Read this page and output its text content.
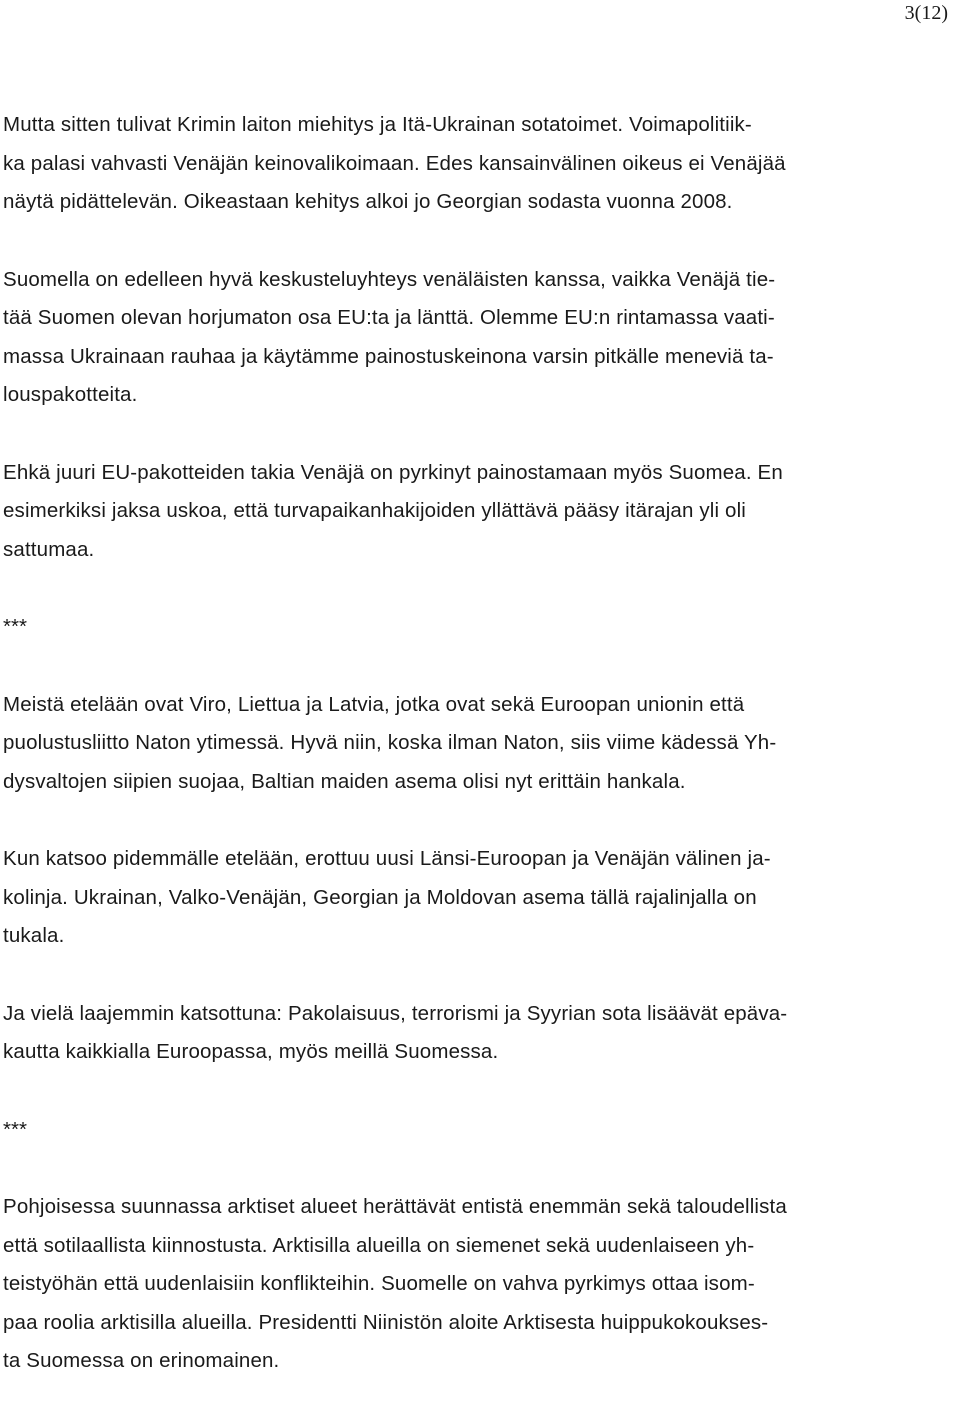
3(12)

Mutta sitten tulivat Krimin laiton miehitys ja Itä-Ukrainan sotatoimet. Voimapolitiik-
ka palasi vahvasti Venäjän keinovalikoimaan. Edes kansainvälinen oikeus ei Venäjää
näytä pidättelevän. Oikeastaan kehitys alkoi jo Georgian sodasta vuonna 2008.

Suomella on edelleen hyvä keskusteluyhteys venäläisten kanssa, vaikka Venäjä tie-
tää Suomen olevan horjumaton osa EU:ta ja länttä. Olemme EU:n rintamassa vaati-
massa Ukrainaan rauhaa ja käytämme painostuskeinona varsin pitkälle meneviä ta-
louspakotteita.

Ehkä juuri EU-pakotteiden takia Venäjä on pyrkinyt painostamaan myös Suomea. En
esimerkiksi jaksa uskoa, että turvapaikanhakijoiden yllättävä pääsy itärajan yli oli
sattumaa.

***

Meistä etelään ovat Viro, Liettua ja Latvia, jotka ovat sekä Euroopan unionin että
puolustusliitto Naton ytimessä. Hyvä niin, koska ilman Naton, siis viime kädessä Yh-
dysvaltojen siipien suojaa, Baltian maiden asema olisi nyt erittäin hankala.

Kun katsoo pidemmälle etelään, erottuu uusi Länsi-Euroopan ja Venäjän välinen ja-
kolinja. Ukrainan, Valko-Venäjän, Georgian ja Moldovan asema tällä rajalinjalla on
tukala.

Ja vielä laajemmin katsottuna: Pakolaisuus, terrorismi ja Syyrian sota lisäävät epäva-
kautta kaikkialla Euroopassa, myös meillä Suomessa.

***

Pohjoisessa suunnassa arktiset alueet herättävät entistä enemmän sekä taloudellista
että sotilaallista kiinnostusta. Arktisilla alueilla on siemenet sekä uudenlaiseen yh-
teistyöhän että uudenlaisiin konflikteihin. Suomelle on vahva pyrkimys ottaa isom-
paa roolia arktisilla alueilla. Presidentti Niinistön aloite Arktisesta huippukokoukses-
ta Suomessa on erinomainen.
